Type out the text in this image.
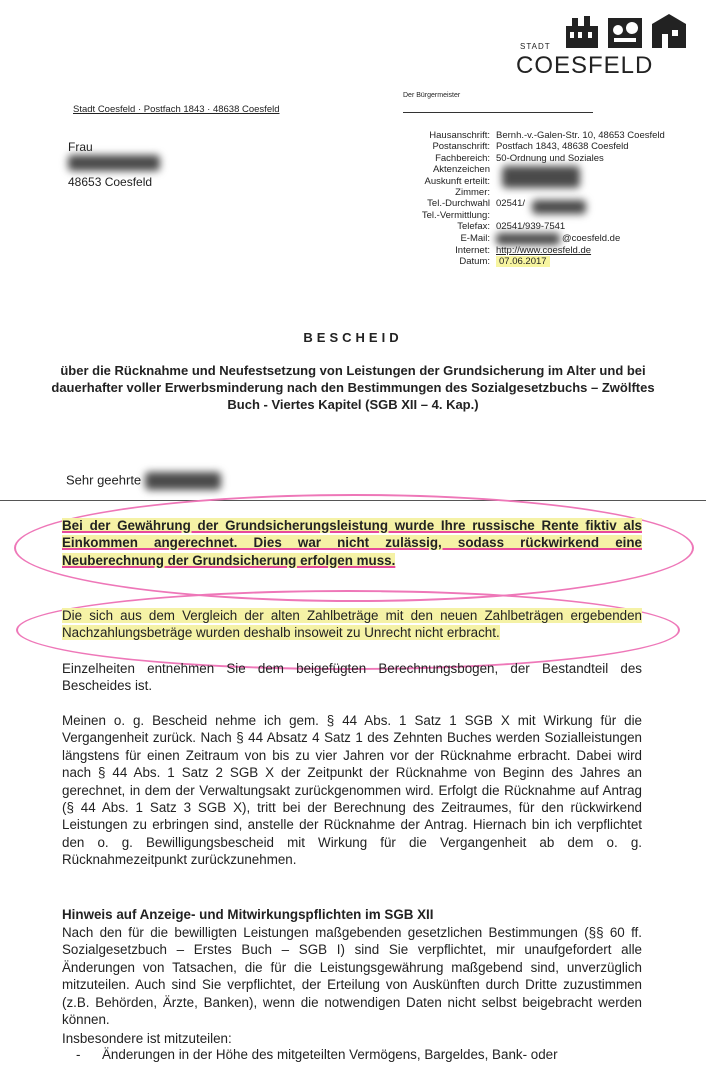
STADT
COESFELD
Der Bürgermeister
Stadt Coesfeld · Postfach 1843 · 48638 Coesfeld
Frau
48653 Coesfeld
Hausanschrift: Bernh.-v.-Galen-Str. 10, 48653 Coesfeld
Postanschrift: Postfach 1843, 48638 Coesfeld
Fachbereich: 50-Ordnung und Soziales
Aktenzeichen
Auskunft erteilt:
Zimmer:
Tel.-Durchwahl 02541/
Tel.-Vermittlung:
Telefax: 02541/939-7541
E-Mail:	@coesfeld.de
Internet: http://www.coesfeld.de
Datum: 07.06.2017
BESCHEID
über die Rücknahme und Neufestsetzung von Leistungen der Grundsicherung im Alter und bei dauerhafter voller Erwerbsminderung nach den Bestimmungen des Sozialgesetzbuchs – Zwölftes Buch - Viertes Kapitel (SGB XII – 4. Kap.)
Sehr geehrte
Bei der Gewährung der Grundsicherungsleistung wurde Ihre russische Rente fiktiv als Einkommen angerechnet. Dies war nicht zulässig, sodass rückwirkend eine Neuberechnung der Grundsicherung erfolgen muss.
Die sich aus dem Vergleich der alten Zahlbeträge mit den neuen Zahlbeträgen ergebenden Nachzahlungsbeträge wurden deshalb insoweit zu Unrecht nicht erbracht.
Einzelheiten entnehmen Sie dem beigefügten Berechnungsbogen, der Bestandteil des Bescheides ist.
Meinen o. g. Bescheid nehme ich gem. § 44 Abs. 1 Satz 1 SGB X mit Wirkung für die Vergangenheit zurück. Nach § 44 Absatz 4 Satz 1 des Zehnten Buches werden Sozialleistungen längstens für einen Zeitraum von bis zu vier Jahren vor der Rücknahme erbracht. Dabei wird nach § 44 Abs. 1 Satz 2 SGB X der Zeitpunkt der Rücknahme von Beginn des Jahres an gerechnet, in dem der Verwaltungsakt zurückgenommen wird. Erfolgt die Rücknahme auf Antrag (§ 44 Abs. 1 Satz 3 SGB X), tritt bei der Berechnung des Zeitraumes, für den rückwirkend Leistungen zu erbringen sind, anstelle der Rücknahme der Antrag. Hiernach bin ich verpflichtet den o. g. Bewilligungsbescheid mit Wirkung für die Vergangenheit ab dem o. g. Rücknahmezeitpunkt zurückzunehmen.
Hinweis auf Anzeige- und Mitwirkungspflichten im SGB XII
Nach den für die bewilligten Leistungen maßgebenden gesetzlichen Bestimmungen (§§ 60 ff. Sozialgesetzbuch – Erstes Buch – SGB I) sind Sie verpflichtet, mir unaufgefordert alle Änderungen von Tatsachen, die für die Leistungsgewährung maßgebend sind, unverzüglich mitzuteilen. Auch sind Sie verpflichtet, der Erteilung von Auskünften durch Dritte zuzustimmen (z.B. Behörden, Ärzte, Banken), wenn die notwendigen Daten nicht selbst beigebracht werden können.
Insbesondere ist mitzuteilen:
- Änderungen in der Höhe des mitgeteilten Vermögens, Bargeldes, Bank- oder
